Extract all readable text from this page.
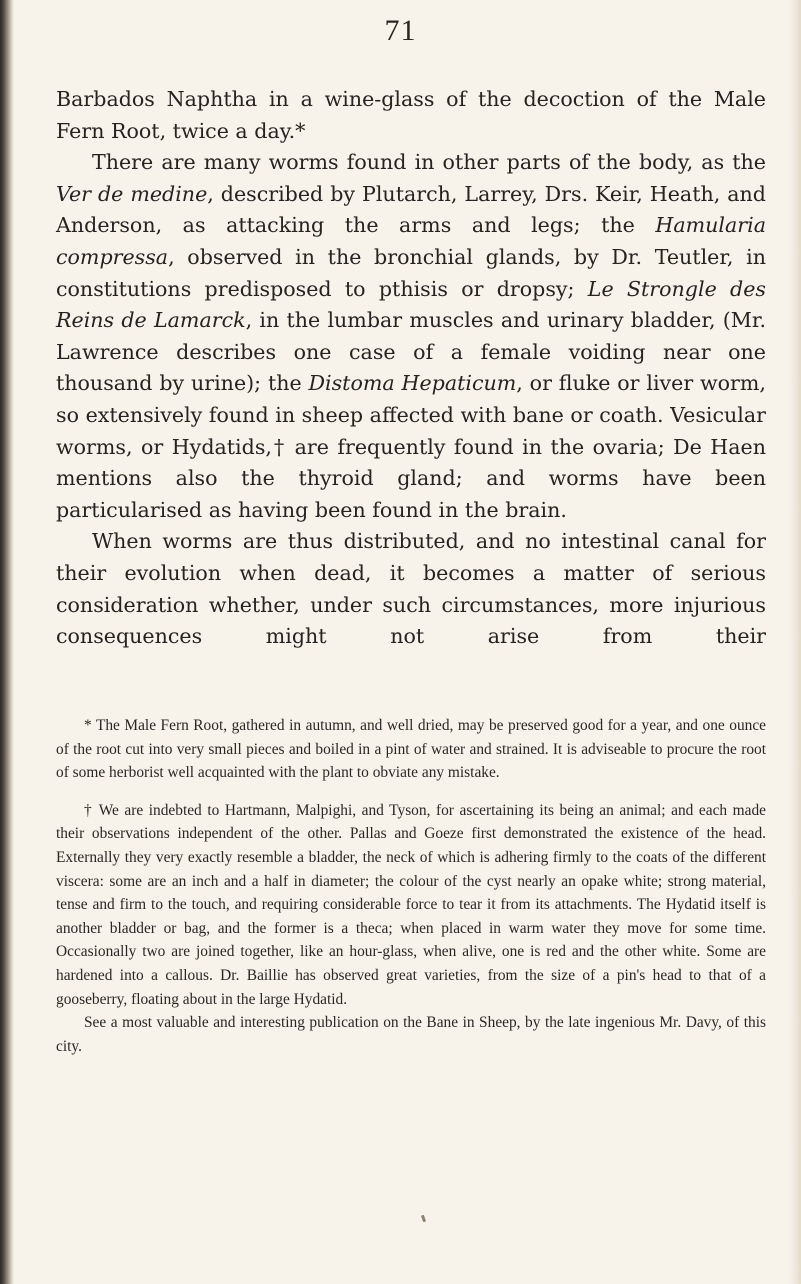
71

Barbados Naphtha in a wine-glass of the decoction of the Male Fern Root, twice a day.*

There are many worms found in other parts of the body, as the Ver de medine, described by Plutarch, Larrey, Drs. Keir, Heath, and Anderson, as attacking the arms and legs; the Hamularia compressa, observed in the bronchial glands, by Dr. Teutler, in constitutions predisposed to pthisis or dropsy; Le Strongle des Reins de Lamarck, in the lumbar muscles and urinary bladder, (Mr. Lawrence describes one case of a female voiding near one thousand by urine); the Distoma Hepaticum, or fluke or liver worm, so extensively found in sheep affected with bane or coath. Vesicular worms, or Hydatids,† are frequently found in the ovaria; De Haen mentions also the thyroid gland; and worms have been particularised as having been found in the brain.

When worms are thus distributed, and no intestinal canal for their evolution when dead, it becomes a matter of serious consideration whether, under such circumstances, more injurious consequences might not arise from their

* The Male Fern Root, gathered in autumn, and well dried, may be preserved good for a year, and one ounce of the root cut into very small pieces and boiled in a pint of water and strained. It is adviseable to procure the root of some herborist well acquainted with the plant to obviate any mistake.

† We are indebted to Hartmann, Malpighi, and Tyson, for ascertaining its being an animal; and each made their observations independent of the other. Pallas and Goeze first demonstrated the existence of the head. Externally they very exactly resemble a bladder, the neck of which is adhering firmly to the coats of the different viscera: some are an inch and a half in diameter; the colour of the cyst nearly an opake white; strong material, tense and firm to the touch, and requiring considerable force to tear it from its attachments. The Hydatid itself is another bladder or bag, and the former is a theca; when placed in warm water they move for some time. Occasionally two are joined together, like an hour-glass, when alive, one is red and the other white. Some are hardened into a callous. Dr. Baillie has observed great varieties, from the size of a pin's head to that of a gooseberry, floating about in the large Hydatid.

See a most valuable and interesting publication on the Bane in Sheep, by the late ingenious Mr. Davy, of this city.
